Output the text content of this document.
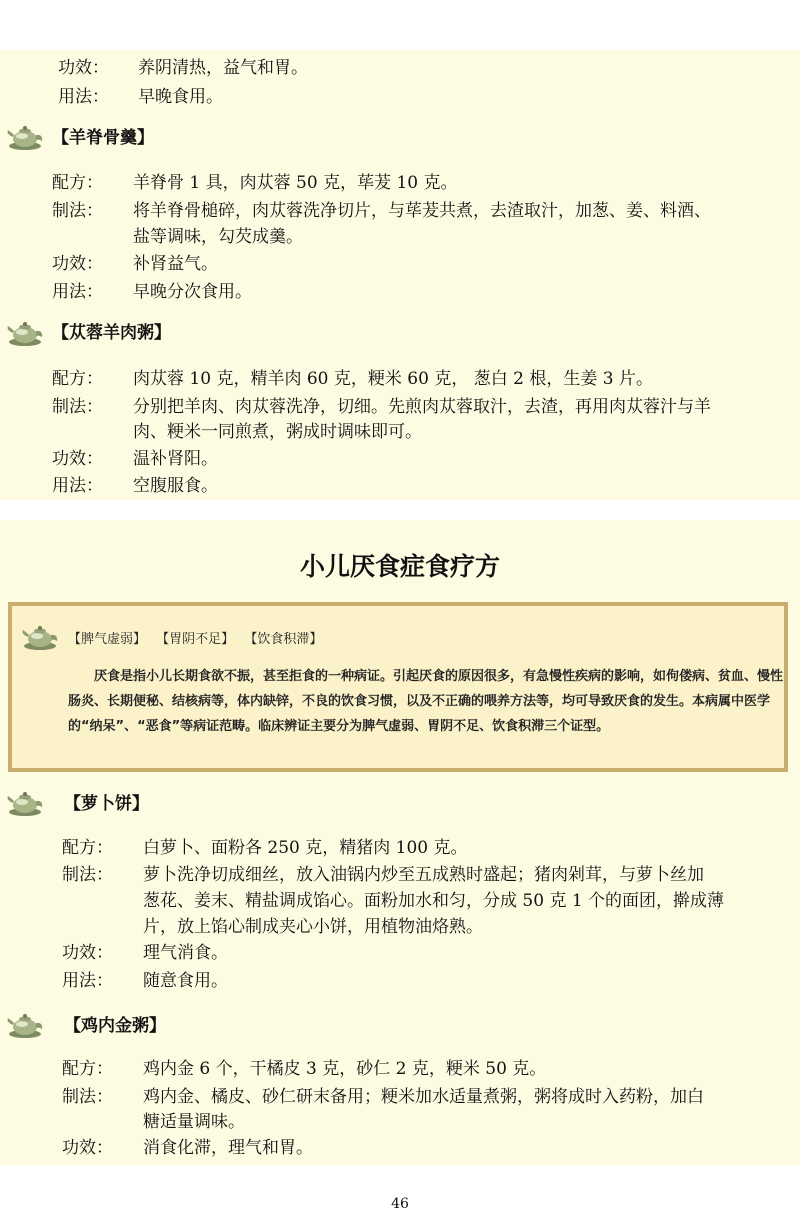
功效： 养阴清热，益气和胃。
用法： 早晚食用。
【羊脊骨羹】
配方： 羊脊骨 1 具，肉苁蓉 50 克，荜茇 10 克。
制法： 将羊脊骨槌碎，肉苁蓉洗净切片，与荜茇共煮，去渣取汁，加葱、姜、料酒、
盐等调味，勾芡成羹。
功效： 补肾益气。
用法： 早晚分次食用。
【苁蓉羊肉粥】
配方： 肉苁蓉 10 克，精羊肉 60 克，粳米 60 克， 葱白 2 根，生姜 3 片。
制法： 分别把羊肉、肉苁蓉洗净，切细。先煎肉苁蓉取汁，去渣，再用肉苁蓉汁与羊
肉、粳米一同煎煮，粥成时调味即可。
功效： 温补肾阳。
用法： 空腹服食。
小儿厌食症食疗方
【脾气虚弱】 【胃阴不足】 【饮食积滞】
厌食是指小儿长期食欲不振，甚至拒食的一种病证。引起厌食的原因很多，有急慢性疾病的影响，如佝偻病、贫血、慢性肠炎、长期便秘、结核病等，体内缺锌，不良的饮食习惯，以及不正确的喂养方法等，均可导致厌食的发生。本病属中医学的“纳呆”、“恶食”等病证范畴。临床辨证主要分为脾气虚弱、胃阴不足、饮食积滞三个证型。
【萝卜饼】
配方： 白萝卜、面粉各 250 克，精猪肉 100 克。
制法： 萝卜洗净切成细丝，放入油锅内炒至五成熟时盛起；猪肉剁茸，与萝卜丝加
葱花、姜末、精盐调成馅心。面粉加水和匀，分成 50 克 1 个的面团，擀成薄
片，放上馅心制成夹心小饼，用植物油烙熟。
功效： 理气消食。
用法： 随意食用。
【鸡内金粥】
配方： 鸡内金 6 个，干橘皮 3 克，砂仁 2 克，粳米 50 克。
制法： 鸡内金、橘皮、砂仁研末备用；粳米加水适量煮粥，粥将成时入药粉，加白
糖适量调味。
功效： 消食化滞，理气和胃。
46
